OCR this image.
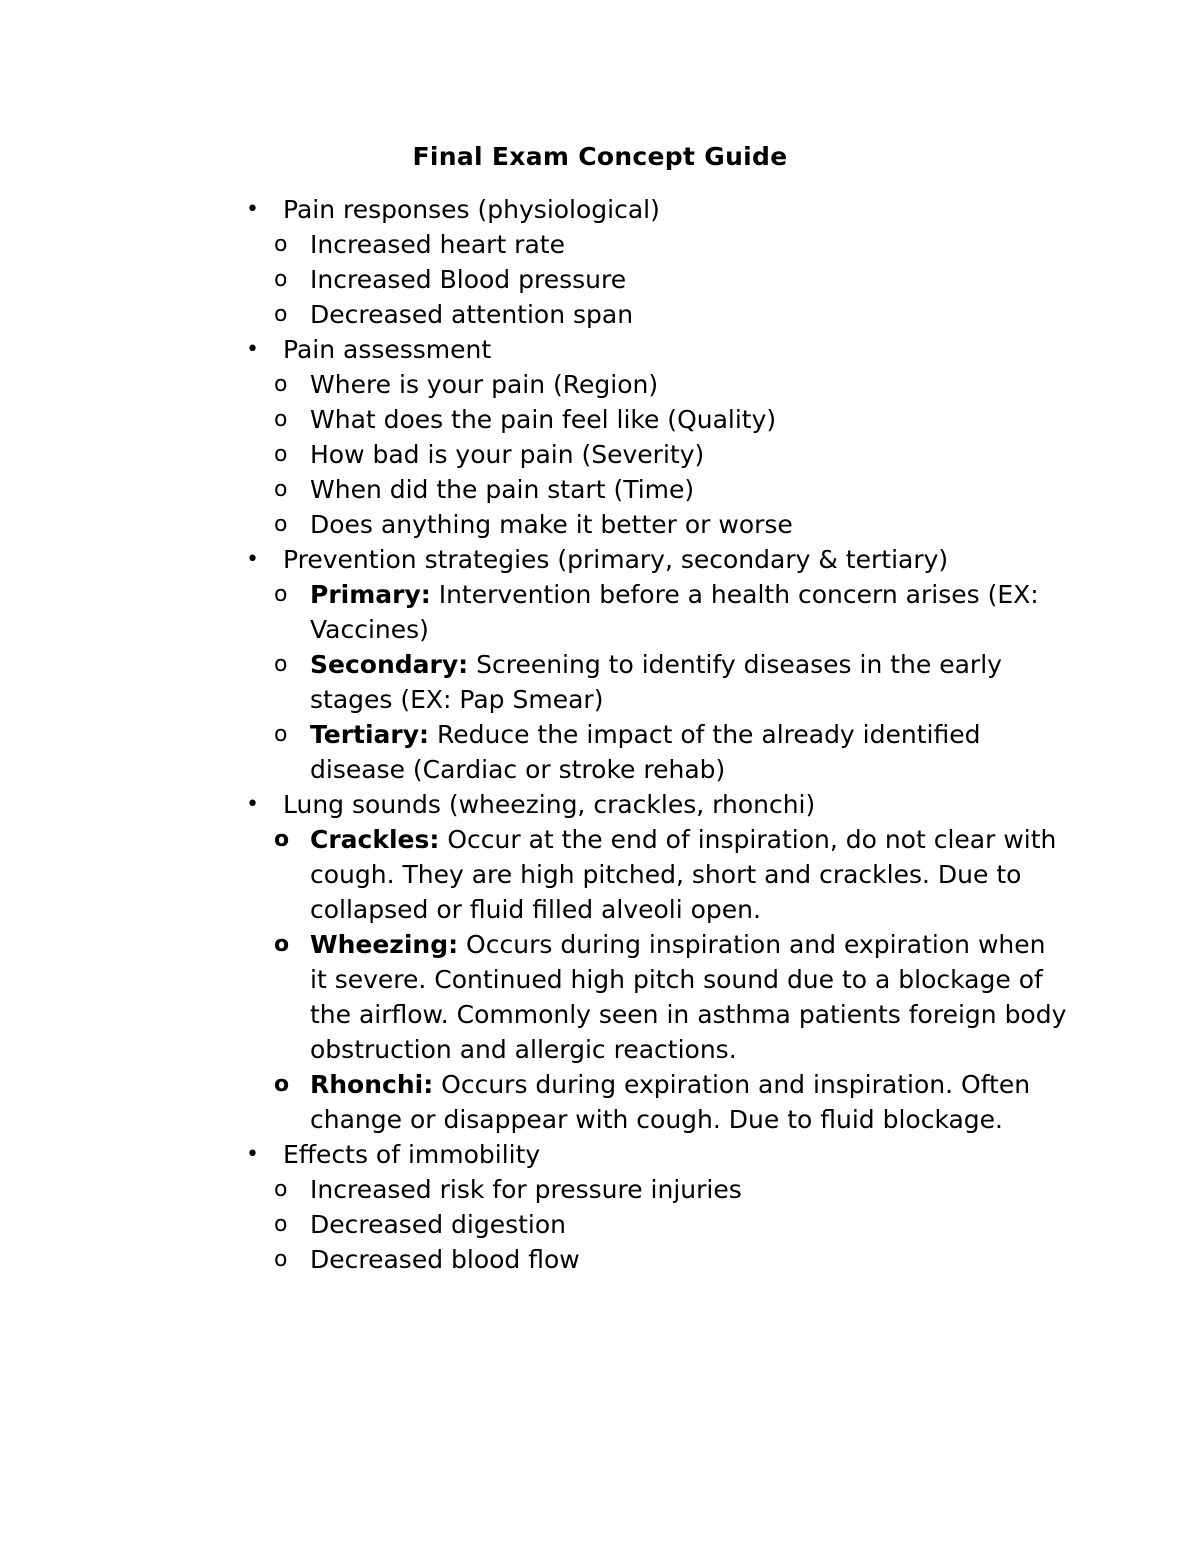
Final Exam Concept Guide
• Pain responses (physiological)
o Increased heart rate
o Increased Blood pressure
o Decreased attention span
• Pain assessment
o Where is your pain (Region)
o What does the pain feel like (Quality)
o How bad is your pain (Severity)
o When did the pain start (Time)
o Does anything make it better or worse
• Prevention strategies (primary, secondary & tertiary)
o Primary: Intervention before a health concern arises (EX: Vaccines)
o Secondary: Screening to identify diseases in the early stages (EX: Pap Smear)
o Tertiary: Reduce the impact of the already identified disease (Cardiac or stroke rehab)
• Lung sounds (wheezing, crackles, rhonchi)
o Crackles: Occur at the end of inspiration, do not clear with cough. They are high pitched, short and crackles. Due to collapsed or fluid filled alveoli open.
o Wheezing: Occurs during inspiration and expiration when it severe. Continued high pitch sound due to a blockage of the airflow. Commonly seen in asthma patients foreign body obstruction and allergic reactions.
o Rhonchi: Occurs during expiration and inspiration. Often change or disappear with cough. Due to fluid blockage.
• Effects of immobility
o Increased risk for pressure injuries
o Decreased digestion
o Decreased blood flow
